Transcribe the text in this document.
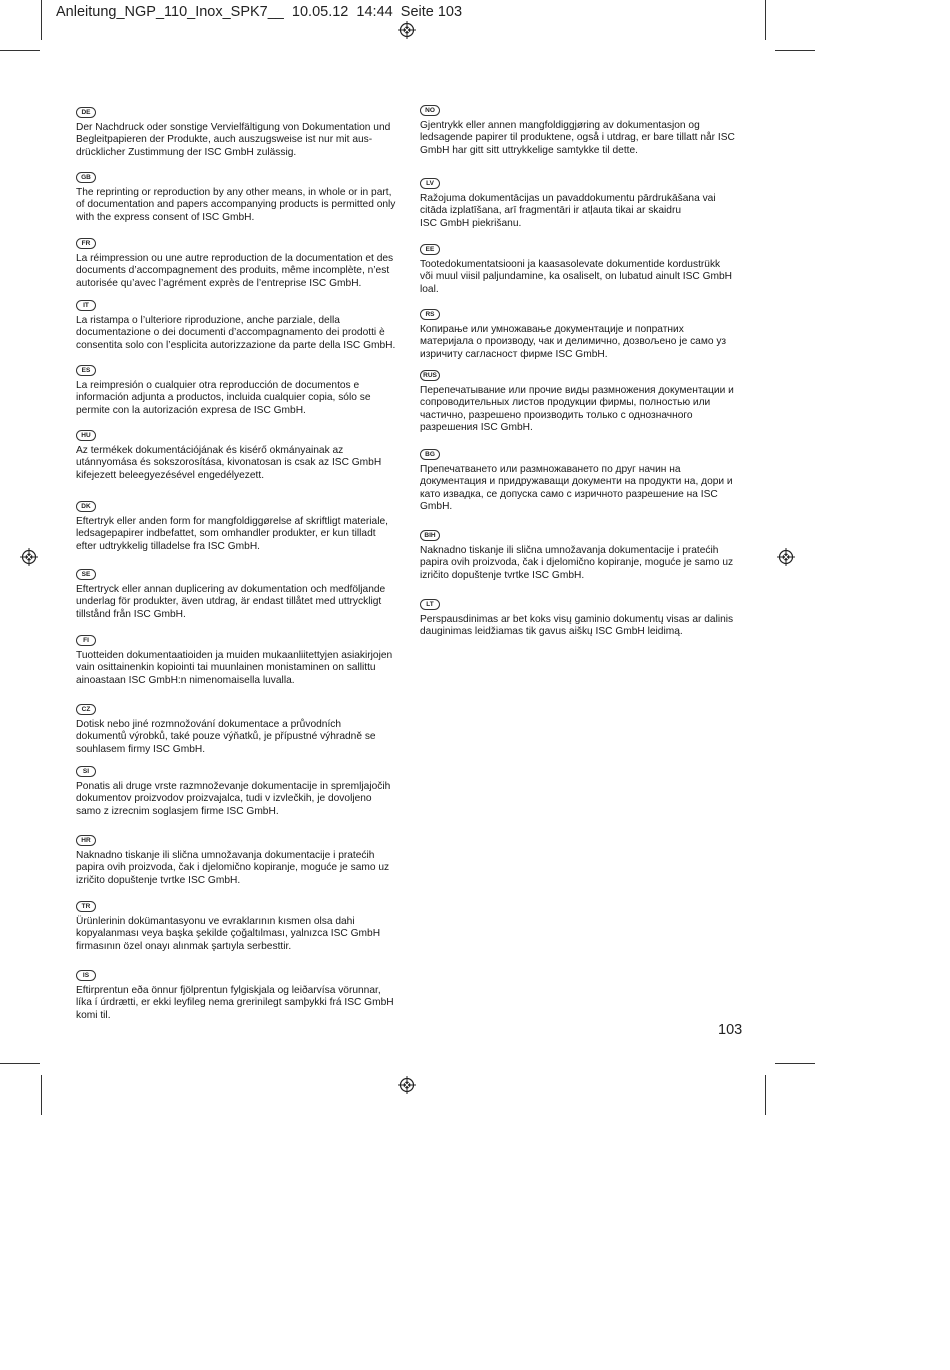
Anleitung_NGP_110_Inox_SPK7__  10.05.12  14:44  Seite 103
DE
Der Nachdruck oder sonstige Vervielfältigung von Dokumentation und
Begleitpapieren der Produkte, auch auszugsweise ist nur mit aus-
drücklicher Zustimmung der ISC GmbH zulässig.
GB
The reprinting or reproduction by any other means, in whole or in part,
of documentation and papers accompanying products is permitted only
with the express consent of ISC GmbH.
FR
La réimpression ou une autre reproduction de la documentation et des
documents d’accompagnement des produits, même incomplète, n’est
autorisée qu’avec l’agrément exprès de l’entreprise ISC GmbH.
IT
La ristampa o l’ulteriore riproduzione, anche parziale, della
documentazione o dei documenti d’accompagnamento dei prodotti è
consentita solo con l’esplicita autorizzazione da parte della ISC GmbH.
ES
La reimpresión o cualquier otra reproducción de documentos e
información adjunta a productos, incluida cualquier copia, sólo se
permite con la autorización expresa de ISC GmbH.
HU
Az termékek dokumentációjának és kisérő okmányainak az
utánnyomása és sokszorosítása, kivonatosan is csak az ISC GmbH
kifejezett beleegyezésével engedélyezett.
DK
Eftertryk eller anden form for mangfoldiggørelse af skriftligt materiale,
ledsagepapirer indbefattet, som omhandler produkter, er kun tilladt
efter udtrykkelig tilladelse fra ISC GmbH.
SE
Eftertryck eller annan duplicering av dokumentation och medföljande
underlag för produkter, även utdrag, är endast tillåtet med uttryckligt
tillstånd från ISC GmbH.
FI
Tuotteiden dokumentaatioiden ja muiden mukaanliitettyjen asiakirjojen
vain osittainenkin kopiointi tai muunlainen monistaminen on sallittu
ainoastaan ISC GmbH:n nimenomaisella luvalla.
CZ
Dotisk nebo jiné rozmnožování dokumentace a průvodních
dokumentů výrobků, také pouze výňatků, je přípustné výhradně se
souhlasem firmy ISC GmbH.
SI
Ponatis ali druge vrste razmnoževanje dokumentacije in spremljajočih
dokumentov proizvodov proizvajalca, tudi v izvlečkih, je dovoljeno
samo z izrecnim soglasjem firme ISC GmbH.
HR
Naknadno tiskanje ili slična umnožavanja dokumentacije i pratećih
papira ovih proizvoda, čak i djelomično kopiranje, moguće je samo uz
izričito dopuštenje tvrtke ISC GmbH.
TR
Ürünlerinin dokümantasyonu ve evraklarının kısmen olsa dahi
kopyalanması veya başka şekilde çoğaltılması, yalnızca ISC GmbH
firmasının özel onayı alınmak şartıyla serbesttir.
IS
Eftirprentun eða önnur fjölprentun fylgiskjala og leiðarvísa vörunnar,
líka í úrdrætti, er ekki leyfileg nema grerinilegt samþykki frá ISC GmbH
komi til.
NO
Gjentrykk eller annen mangfoldiggjøring av dokumentasjon og
ledsagende papirer til produktene, også i utdrag, er bare tillatt når ISC
GmbH har gitt sitt uttrykkelige samtykke til dette.
LV
Ražojuma dokumentācijas un pavaddokumentu pārdrukāšana vai
citāda izplatīšana, arī fragmentāri ir atļauta tikai ar skaidru
ISC GmbH piekrišanu.
EE
Tootedokumentatsiooni ja kaasasolevate dokumentide kordustrükk
või muul viisil paljundamine, ka osaliselt, on lubatud ainult ISC GmbH
loal.
RS
Копирање или умножавање документације и попратних
материјала о производу, чак и делимично, дозвољено је само уз
изричиту сагласност фирме ISC GmbH.
RUS
Перепечатывание или прочие виды размножения документации и
сопроводительных листов продукции фирмы, полностью или
частично, разрешено производить только с однозначного
разрешения ISC GmbH.
BG
Препечатването или размножаването по друг начин на
документация и придружаващи документи на продукти на, дори и
като извадка, се допуска само с изричното разрешение на ISC
GmbH.
BIH
Naknadno tiskanje ili slična umnožavanja dokumentacije i pratećih
papira ovih proizvoda, čak i djelomično kopiranje, moguće je samo uz
izričito dopuštenje tvrtke ISC GmbH.
LT
Perspausdinimas ar bet koks visų gaminio dokumentų visas ar dalinis
dauginimas leidžiamas tik gavus aiškų ISC GmbH leidimą.
103
